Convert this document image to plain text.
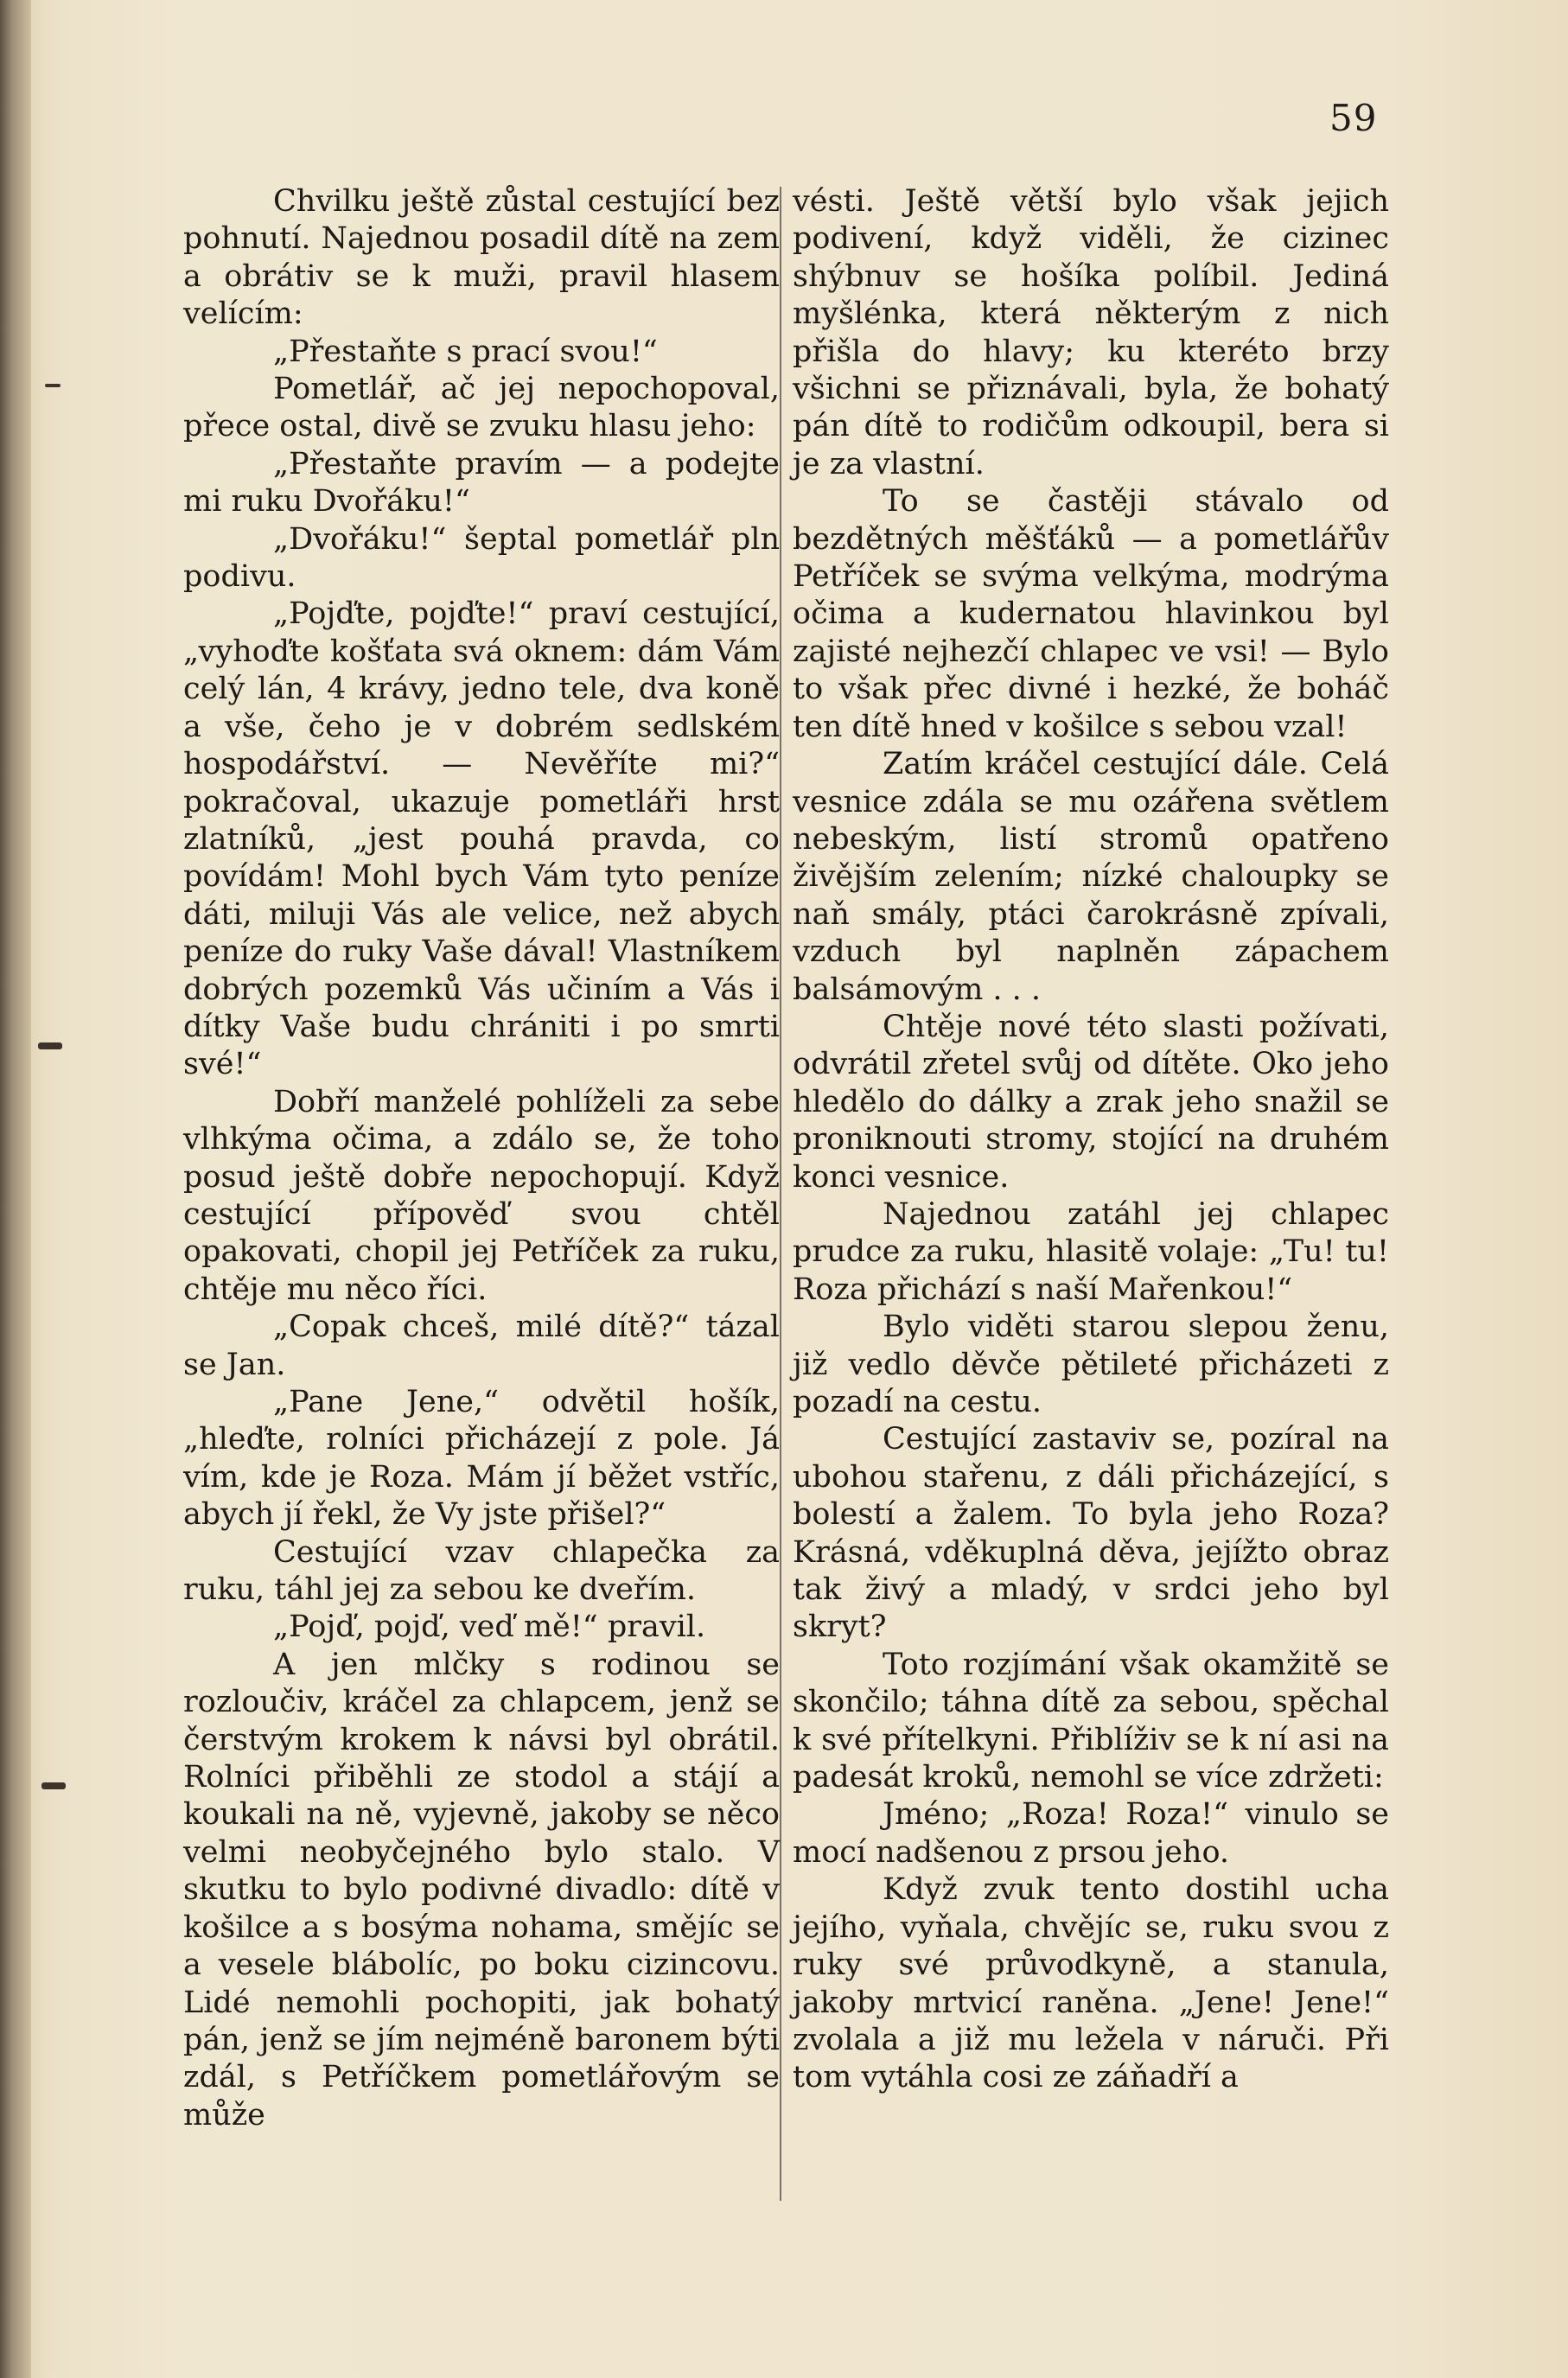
59

Chvilku ještě zůstal cestující bez pohnutí. Najednou posadil dítě na zem a obrátiv se k muži, pravil hlasem velícím:

„Přestaňte s prací svou!“

Pometlář, ač jej nepochopoval, přece ostal, divě se zvuku hlasu jeho:

„Přestaňte pravím — a podejte mi ruku Dvořáku!“

„Dvořáku!“ šeptal pometlář pln podivu.

„Pojďte, pojďte!“ praví cestující, „vyhoďte košťata svá oknem: dám Vám celý lán, 4 krávy, jedno tele, dva koně a vše, čeho je v dobrém sedlském hospodářství. — Nevěříte mi?“ pokračoval, ukazuje pometláři hrst zlatníků, „jest pouhá pravda, co povídám! Mohl bych Vám tyto peníze dáti, miluji Vás ale velice, než abych peníze do ruky Vaše dával! Vlastníkem dobrých pozemků Vás učiním a Vás i dítky Vaše budu chrániti i po smrti své!“

Dobří manželé pohlíželi za sebe vlhkýma očima, a zdálo se, že toho posud ještě dobře nepochopují. Když cestující přípověď svou chtěl opakovati, chopil jej Petříček za ruku, chtěje mu něco říci.

„Copak chceš, milé dítě?“ tázal se Jan.

„Pane Jene,“ odvětil hošík, „hleďte, rolníci přicházejí z pole. Já vím, kde je Roza. Mám jí běžet vstříc, abych jí řekl, že Vy jste přišel?“

Cestující vzav chlapečka za ruku, táhl jej za sebou ke dveřím.

„Pojď, pojď, veď mě!“ pravil.

A jen mlčky s rodinou se rozloučiv, kráčel za chlapcem, jenž se čerstvým krokem k návsi byl obrátil. Rolníci přiběhli ze stodol a stájí a koukali na ně, vyjevně, jakoby se něco velmi neobyčejného bylo stalo. V skutku to bylo podivné divadlo: dítě v košilce a s bosýma nohama, smějíc se a vesele blábolíc, po boku cizincovu. Lidé nemohli pochopiti, jak bohatý pán, jenž se jím nejméně baronem býti zdál, s Petříčkem pometlářovým se může

vésti. Ještě větší bylo však jejich podivení, když viděli, že cizinec shýbnuv se hošíka políbil. Jediná myšlénka, která některým z nich přišla do hlavy; ku kteréto brzy všichni se přiznávali, byla, že bohatý pán dítě to rodičům odkoupil, bera si je za vlastní.

To se častěji stávalo od bezdětných měšťáků — a pometlářův Petříček se svýma velkýma, modrýma očima a kudernatou hlavinkou byl zajisté nejhezčí chlapec ve vsi! — Bylo to však přec divné i hezké, že boháč ten dítě hned v košilce s sebou vzal!

Zatím kráčel cestující dále. Celá vesnice zdála se mu ozářena světlem nebeským, listí stromů opatřeno živějším zelením; nízké chaloupky se naň smály, ptáci čarokrásně zpívali, vzduch byl naplněn zápachem balsámovým . . .

Chtěje nové této slasti požívati, odvrátil zřetel svůj od dítěte. Oko jeho hledělo do dálky a zrak jeho snažil se proniknouti stromy, stojící na druhém konci vesnice.

Najednou zatáhl jej chlapec prudce za ruku, hlasitě volaje: „Tu! tu! Roza přichází s naší Mařenkou!“

Bylo viděti starou slepou ženu, již vedlo děvče pětileté přicházeti z pozadí na cestu.

Cestující zastaviv se, pozíral na ubohou stařenu, z dáli přicházející, s bolestí a žalem. To byla jeho Roza? Krásná, vděkuplná děva, jejížto obraz tak živý a mladý, v srdci jeho byl skryt?

Toto rozjímání však okamžitě se skončilo; táhna dítě za sebou, spěchal k své přítelkyni. Přiblíživ se k ní asi na padesát kroků, nemohl se více zdržeti:

Jméno; „Roza! Roza!“ vinulo se mocí nadšenou z prsou jeho.

Když zvuk tento dostihl ucha jejího, vyňala, chvějíc se, ruku svou z ruky své průvodkyně, a stanula, jakoby mrtvicí raněna. „Jene! Jene!“ zvolala a již mu ležela v náruči. Při tom vytáhla cosi ze záňadří a
